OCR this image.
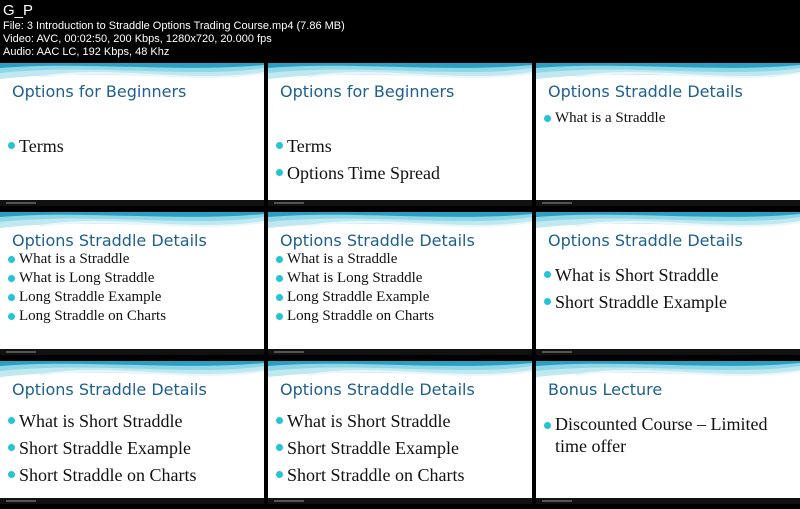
G_P
File: 3 Introduction to Straddle Options Trading Course.mp4 (7.86 MB)
Video: AVC, 00:02:50, 200 Kbps, 1280x720, 20.000 fps
Audio: AAC LC, 192 Kbps, 48 Khz
Options for Beginners
Terms
Options for Beginners
Terms
Options Time Spread
Options Straddle Details
What is a Straddle
Options Straddle Details
What is a Straddle
What is Long Straddle
Long Straddle Example
Long Straddle on Charts
Options Straddle Details
What is a Straddle
What is Long Straddle
Long Straddle Example
Long Straddle on Charts
Options Straddle Details
What is Short Straddle
Short Straddle Example
Options Straddle Details
What is Short Straddle
Short Straddle Example
Short Straddle on Charts
Options Straddle Details
What is Short Straddle
Short Straddle Example
Short Straddle on Charts
Bonus Lecture
Discounted Course – Limited time offer
